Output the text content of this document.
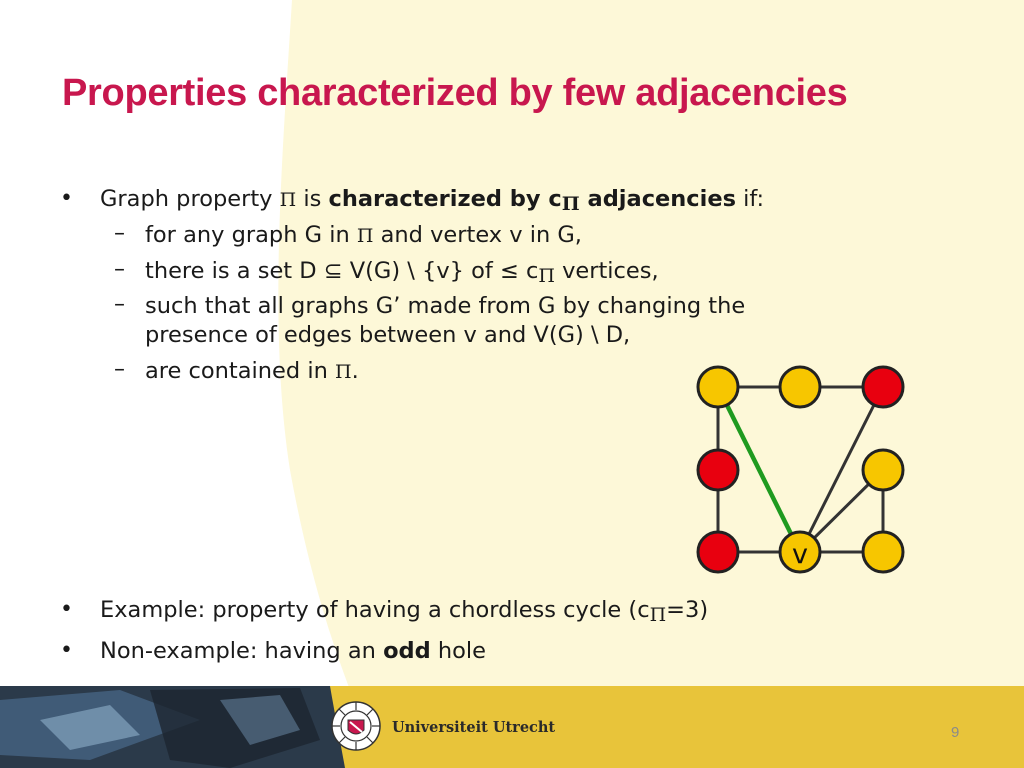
Properties characterized by few adjacencies
• Graph property Π is characterized by $c_\Pi$ adjacencies if:
– for any graph G in Π and vertex v in G,
– there is a set D ⊆ V(G) \ {v} of ≤ $c_\Pi$ vertices,
– such that all graphs G’ made from G by changing the
presence of edges between v and V(G) \ D,
– are contained in Π.
• Example: property of having a chordless cycle $(c_\Pi=3)$
• Non-example: having an odd hole
v
Universiteit Utrecht	9
